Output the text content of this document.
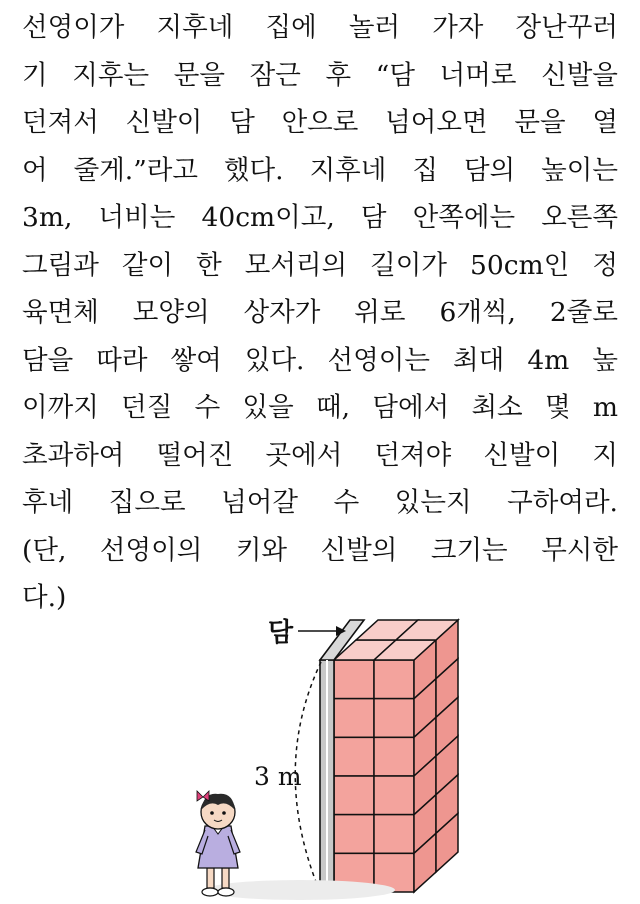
선영이가 지후네 집에 놀러 가자 장난꾸러
기 지후는 문을 잠근 후 “담 너머로 신발을
던져서 신발이 담 안으로 넘어오면 문을 열
어 줄게.”라고 했다. 지후네 집 담의 높이는
3m, 너비는 40cm이고, 담 안쪽에는 오른쪽
그림과 같이 한 모서리의 길이가 50cm인 정
육면체 모양의 상자가 위로 6개씩, 2줄로
담을 따라 쌓여 있다. 선영이는 최대 4m 높
이까지 던질 수 있을 때, 담에서 최소 몇 m
초과하여 떨어진 곳에서 던져야 신발이 지
후네 집으로 넘어갈 수 있는지 구하여라.
(단, 선영이의 키와 신발의 크기는 무시한
다.)
담
3 m
